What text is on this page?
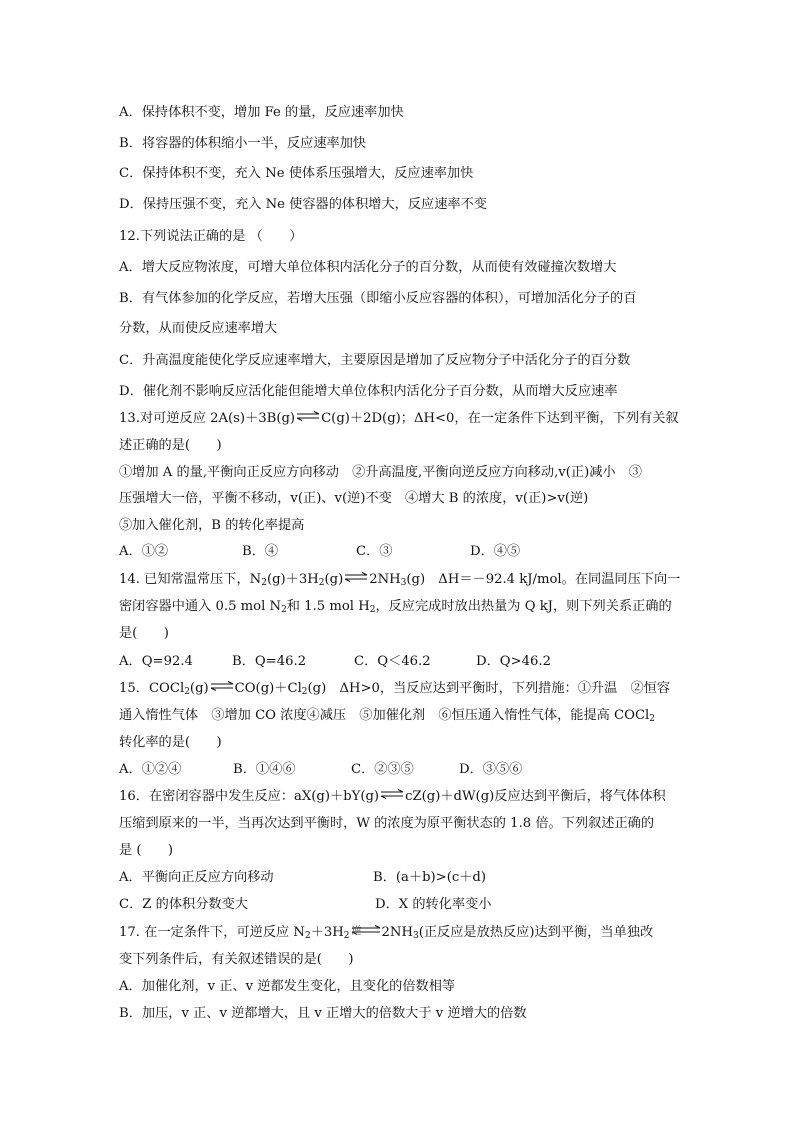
A．保持体积不变，增加 Fe 的量，反应速率加快
B．将容器的体积缩小一半，反应速率加快
C．保持体积不变，充入 Ne 使体系压强增大，反应速率加快
D．保持压强不变，充入 Ne 使容器的体积增大，反应速率不变
12.下列说法正确的是 （　　）
A．增大反应物浓度，可增大单位体积内活化分子的百分数，从而使有效碰撞次数增大
B．有气体参加的化学反应，若增大压强（即缩小反应容器的体积），可增加活化分子的百
分数，从而使反应速率增大
C．升高温度能使化学反应速率增大，主要原因是增加了反应物分子中活化分子的百分数
D．催化剂不影响反应活化能但能增大单位体积内活化分子百分数，从而增大反应速率
13.对可逆反应 2A(s)＋3B(g)⇌C(g)＋2D(g)；ΔH<0，在一定条件下达到平衡，下列有关叙
述正确的是(　　)
①增加 A 的量,平衡向正反应方向移动　②升高温度,平衡向逆反应方向移动,v(正)减小　③
压强增大一倍，平衡不移动，v(正)、v(逆)不变　④增大 B 的浓度，v(正)>v(逆)
⑤加入催化剂，B 的转化率提高
A．①②	B．④	C．③	D．④⑤
14. 已知常温常压下，$N_2(g)+3H_2(g)\rightleftharpoons 2NH_3(g)$　ΔH＝－92.4 kJ/mol。在同温同压下向一
密闭容器中通入 0.5 mol $N_2$和 1.5 mol $H_2$，反应完成时放出热量为 Q kJ，则下列关系正确的
是(　　)
A．Q=92.4	B．Q=46.2	C．Q＜46.2	D．Q>46.2
15．$COCl_2(g)\rightleftharpoons CO(g)+Cl_2(g)$　ΔH>0，当反应达到平衡时，下列措施：①升温　②恒容
通入惰性气体　③增加 CO 浓度④减压　⑤加催化剂　⑥恒压通入惰性气体，能提高 COCl$_2$
转化率的是(　　)
A．①②④	B．①④⑥	C．②③⑤	D．③⑤⑥
16．在密闭容器中发生反应：aX(g)＋bY(g)⇌cZ(g)＋dW(g)反应达到平衡后，将气体体积
压缩到原来的一半，当再次达到平衡时，W 的浓度为原平衡状态的 1.8 倍。下列叙述正确的
是 (　　)
A．平衡向正反应方向移动	B．(a＋b)>(c＋d)
C．Z 的体积分数变大	D．X 的转化率变小
17. 在一定条件下，可逆反应 $N_2+3H_2$ 逆 $2NH_3$(正反应是放热反应)达到平衡，当单独改
变下列条件后，有关叙述错误的是(　　)
A．加催化剂，v 正、v 逆都发生变化，且变化的倍数相等
B．加压，v 正、v 逆都增大，且 v 正增大的倍数大于 v 逆增大的倍数
